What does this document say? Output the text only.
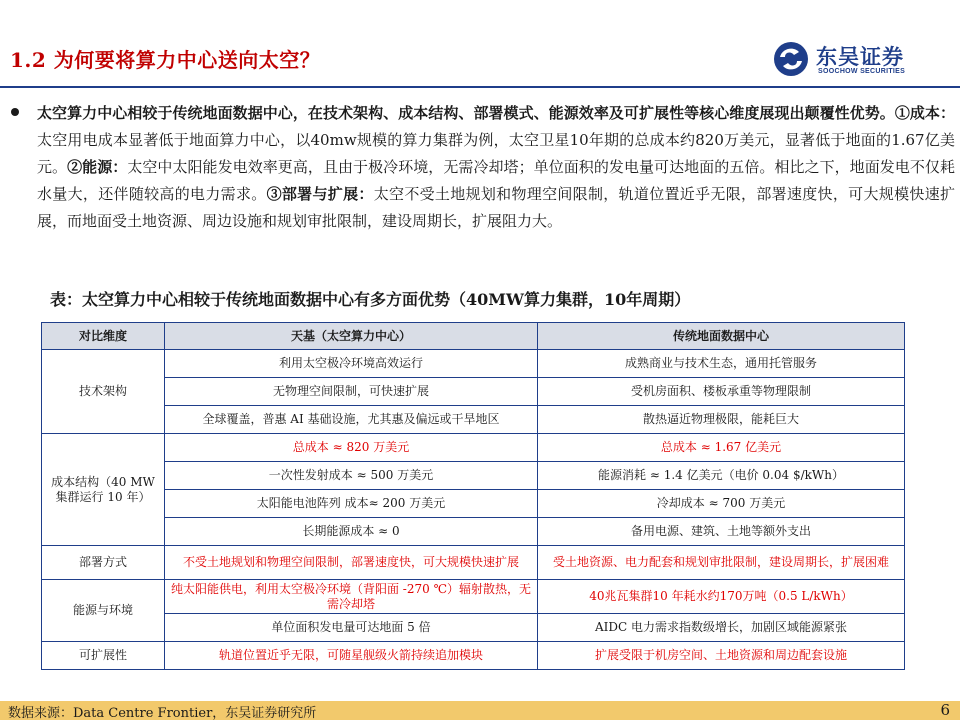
1.2 为何要将算力中心送向太空？	东吴证券
SOOCHOW SECURITIES
太空算力中心相较于传统地面数据中心，在技术架构、成本结构、部署模式、能源效率及可扩展性等核心维度展现出颠覆性优势。①成本：太空用电成本显著低于地面算力中心，以40mw规模的算力集群为例，太空卫星10年期的总成本约820万美元，显著低于地面的1.67亿美元。②能源：太空中太阳能发电效率更高，且由于极冷环境，无需冷却塔；单位面积的发电量可达地面的五倍。相比之下，地面发电不仅耗水量大，还伴随较高的电力需求。③部署与扩展：太空不受土地规划和物理空间限制，轨道位置近乎无限，部署速度快，可大规模快速扩展，而地面受土地资源、周边设施和规划审批限制，建设周期长，扩展阻力大。
表：太空算力中心相较于传统地面数据中心有多方面优势（40MW算力集群，10年周期）
对比维度	天基（太空算力中心）	传统地面数据中心
技术架构	利用太空极冷环境高效运行	成熟商业与技术生态，通用托管服务
	无物理空间限制，可快速扩展	受机房面积、楼板承重等物理限制
	全球覆盖，普惠 AI 基础设施，尤其惠及偏远或干旱地区	散热逼近物理极限，能耗巨大
成本结构（40 MW 集群运行 10 年）	总成本 ≈ 820 万美元	总成本 ≈ 1.67 亿美元
	一次性发射成本 ≈ 500 万美元	能源消耗 ≈ 1.4 亿美元（电价 0.04 $/kWh）
	太阳能电池阵列 成本≈ 200 万美元	冷却成本 ≈ 700 万美元
	长期能源成本 ≈ 0	备用电源、建筑、土地等额外支出
部署方式	不受土地规划和物理空间限制，部署速度快，可大规模快速扩展	受土地资源、电力配套和规划审批限制，建设周期长，扩展困难
能源与环境	纯太阳能供电，利用太空极冷环境（背阳面 -270 ℃）辐射散热，无需冷却塔	40兆瓦集群10 年耗水约170万吨（0.5 L/kWh）
	单位面积发电量可达地面 5 倍	AIDC 电力需求指数级增长，加剧区域能源紧张
可扩展性	轨道位置近乎无限，可随星舰级火箭持续追加模块	扩展受限于机房空间、土地资源和周边配套设施
数据来源：Data Centre Frontier，东吴证券研究所	6
